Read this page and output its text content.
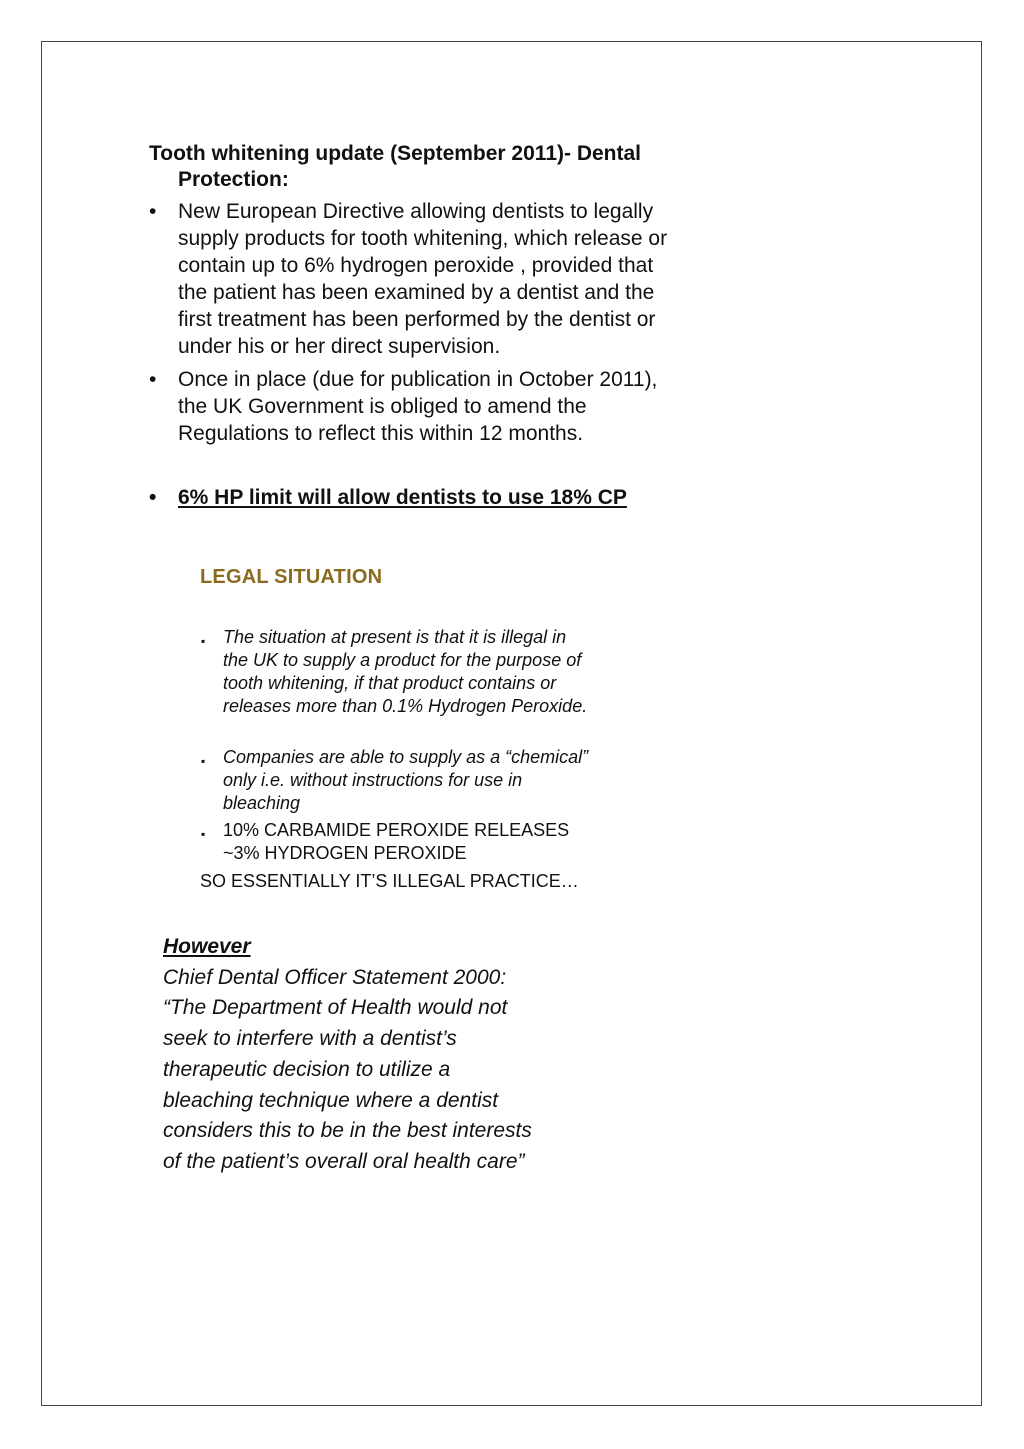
Tooth whitening update (September 2011)- Dental
Protection:
• New European Directive allowing dentists to legally
supply products for tooth whitening, which release or
contain up to 6% hydrogen peroxide , provided that
the patient has been examined by a dentist and the
first treatment has been performed by the dentist or
under his or her direct supervision.
• Once in place (due for publication in October 2011),
the UK Government is obliged to amend the
Regulations to reflect this within 12 months.
• 6% HP limit will allow dentists to use 18% CP
LEGAL SITUATION
▪ The situation at present is that it is illegal in
the UK to supply a product for the purpose of
tooth whitening, if that product contains or
releases more than 0.1% Hydrogen Peroxide.
▪ Companies are able to supply as a “chemical”
only i.e. without instructions for use in
bleaching
▪ 10% CARBAMIDE PEROXIDE RELEASES
~3% HYDROGEN PEROXIDE
SO ESSENTIALLY IT’S ILLEGAL PRACTICE…
However
Chief Dental Officer Statement 2000:
“The Department of Health would not
seek to interfere with a dentist’s
therapeutic decision to utilize a
bleaching technique where a dentist
considers this to be in the best interests
of the patient’s overall oral health care”
